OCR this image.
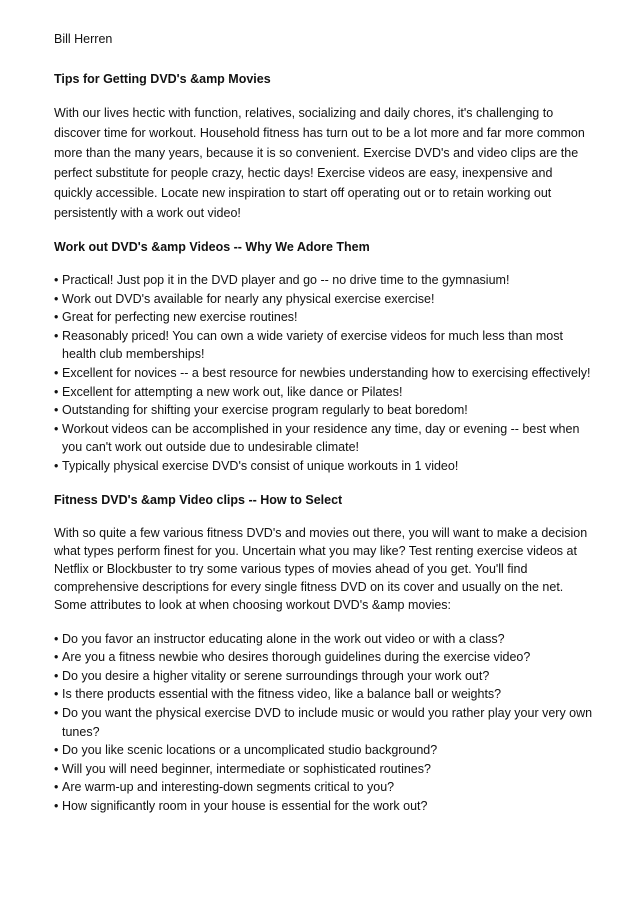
Bill Herren
Tips for Getting DVD's &amp Movies
With our lives hectic with function, relatives, socializing and daily chores, it's challenging to discover time for workout. Household fitness has turn out to be a lot more and far more common more than the many years, because it is so convenient. Exercise DVD's and video clips are the perfect substitute for people crazy, hectic days! Exercise videos are easy, inexpensive and quickly accessible. Locate new inspiration to start off operating out or to retain working out persistently with a work out video!
Work out DVD's &amp Videos -- Why We Adore Them
• Practical! Just pop it in the DVD player and go -- no drive time to the gymnasium!
• Work out DVD's available for nearly any physical exercise exercise!
• Great for perfecting new exercise routines!
• Reasonably priced! You can own a wide variety of exercise videos for much less than most health club memberships!
• Excellent for novices -- a best resource for newbies understanding how to exercising effectively!
• Excellent for attempting a new work out, like dance or Pilates!
• Outstanding for shifting your exercise program regularly to beat boredom!
• Workout videos can be accomplished in your residence any time, day or evening -- best when you can't work out outside due to undesirable climate!
• Typically physical exercise DVD's consist of unique workouts in 1 video!
Fitness DVD's &amp Video clips -- How to Select
With so quite a few various fitness DVD's and movies out there, you will want to make a decision what types perform finest for you. Uncertain what you may like? Test renting exercise videos at Netflix or Blockbuster to try some various types of movies ahead of you get. You'll find comprehensive descriptions for every single fitness DVD on its cover and usually on the net. Some attributes to look at when choosing workout DVD's &amp movies:
• Do you favor an instructor educating alone in the work out video or with a class?
• Are you a fitness newbie who desires thorough guidelines during the exercise video?
• Do you desire a higher vitality or serene surroundings through your work out?
• Is there products essential with the fitness video, like a balance ball or weights?
• Do you want the physical exercise DVD to include music or would you rather play your very own tunes?
• Do you like scenic locations or a uncomplicated studio background?
• Will you will need beginner, intermediate or sophisticated routines?
• Are warm-up and interesting-down segments critical to you?
• How significantly room in your house is essential for the work out?
